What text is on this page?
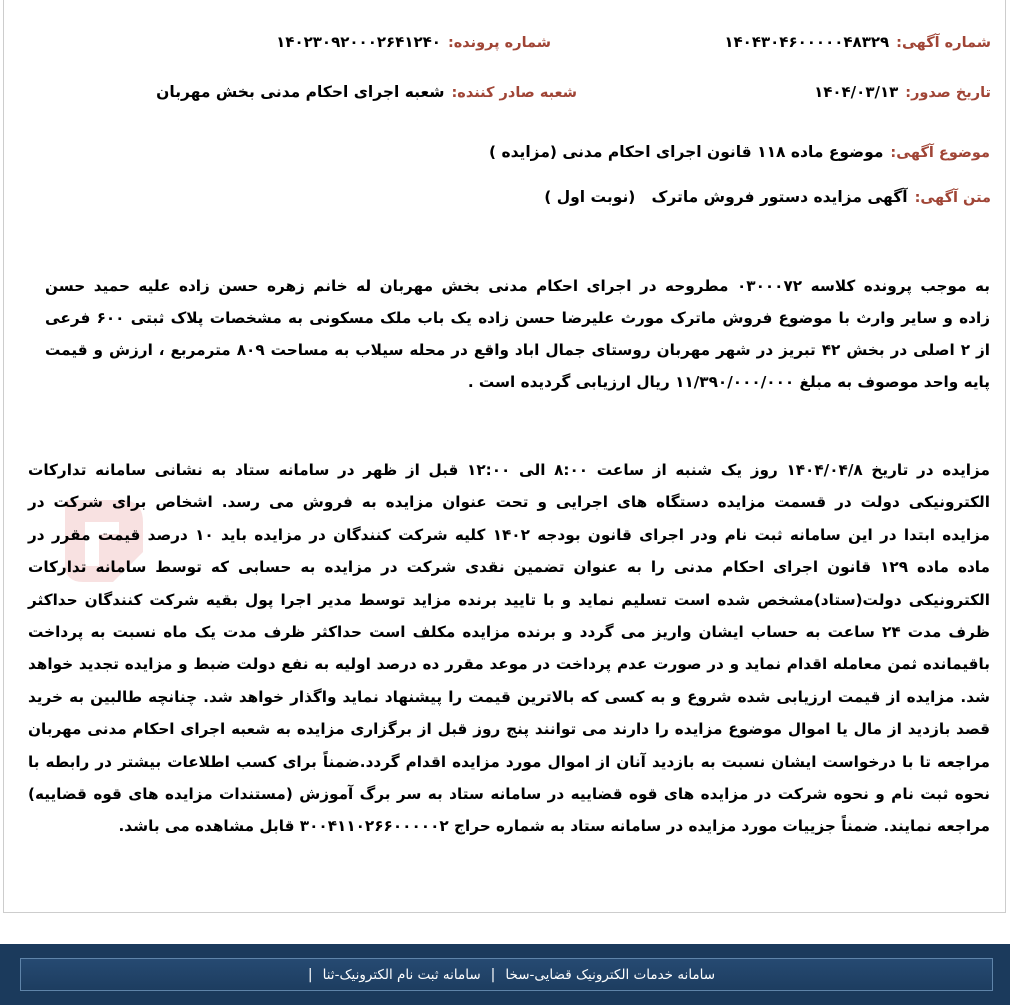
شماره آگهی:
۱۴۰۴۳۰۴۶۰۰۰۰۰۴۸۳۲۹
شماره پرونده:
۱۴۰۲۳۰۹۲۰۰۰۲۶۴۱۲۴۰
تاریخ صدور:
۱۴۰۴/۰۳/۱۳
شعبه صادر کننده:
شعبه اجرای احکام مدنی بخش مهربان
موضوع آگهی:
موضوع ماده ۱۱۸ قانون اجرای احکام مدنی (مزایده )
متن آگهی:
آگهی مزایده دستور فروش ماترک   (نوبت اول )
به موجب پرونده کلاسه ۰۳۰۰۰۷۲ مطروحه در اجرای احکام مدنی بخش مهربان له خانم زهره حسن زاده علیه حمید حسن
زاده و سایر وارث با موضوع فروش ماترک مورث علیرضا حسن زاده یک باب ملک مسکونی به مشخصات پلاک ثبتی ۶۰۰ فرعی
از ۲ اصلی در بخش ۴۲ تبریز در شهر مهربان روستای جمال اباد واقع در محله سیلاب به مساحت ۸۰۹ مترمربع ، ارزش و قیمت
پایه واحد موصوف به مبلغ ۱۱/۳۹۰/۰۰۰/۰۰۰ ریال ارزیابی گردیده است .
مزایده در تاریخ ۱۴۰۴/۰۴/۸ روز یک شنبه از ساعت ۸:۰۰ الی ۱۲:۰۰ قبل از ظهر در سامانه ستاد به نشانی سامانه تدارکات
الکترونیکی دولت در قسمت مزایده دستگاه های اجرایی و تحت عنوان مزایده به فروش می رسد. اشخاص برای شرکت در
مزایده ابتدا در این سامانه ثبت نام ودر اجرای قانون بودجه ۱۴۰۲ کلیه شرکت کنندگان در مزایده باید ۱۰ درصد قیمت مقرر در
ماده ماده ۱۲۹ قانون اجرای احکام مدنی را به عنوان تضمین نقدی شرکت در مزایده به حسابی که توسط سامانه تدارکات
الکترونیکی دولت(ستاد)مشخص شده است تسلیم نماید و با تایید برنده مزاید توسط مدیر اجرا پول بقیه شرکت کنندگان حداکثر
ظرف مدت ۲۴ ساعت به حساب ایشان واریز می گردد و برنده مزایده مکلف است حداکثر ظرف مدت یک ماه نسبت به پرداخت
باقیمانده ثمن معامله اقدام نماید و در صورت عدم پرداخت در موعد مقرر ده درصد اولیه به نفع دولت ضبط و مزایده تجدید خواهد
شد. مزایده از قیمت ارزیابی شده شروع و به کسی که بالاترین قیمت را پیشنهاد نماید واگذار خواهد شد. چنانچه طالبین به خرید
قصد بازدید از مال یا اموال موضوع مزایده را دارند می توانند پنج روز قبل از برگزاری مزایده به شعبه اجرای احکام مدنی مهربان
مراجعه تا با درخواست ایشان نسبت به بازدید آنان از اموال مورد مزایده اقدام گردد.ضمناً برای کسب اطلاعات بیشتر در رابطه با
نحوه ثبت نام و نحوه شرکت در مزایده های قوه قضاییه در سامانه ستاد به سر برگ آموزش (مستندات مزایده های قوه قضاییه)
مراجعه نمایند. ضمناً جزییات مورد مزایده در سامانه ستاد به شماره حراج ۳۰۰۴۱۱۰۲۶۶۰۰۰۰۰۲ قابل مشاهده می باشد.
سامانه خدمات الکترونیک قضایی-سخا
|
سامانه ثبت نام الکترونیک-ثنا
|
